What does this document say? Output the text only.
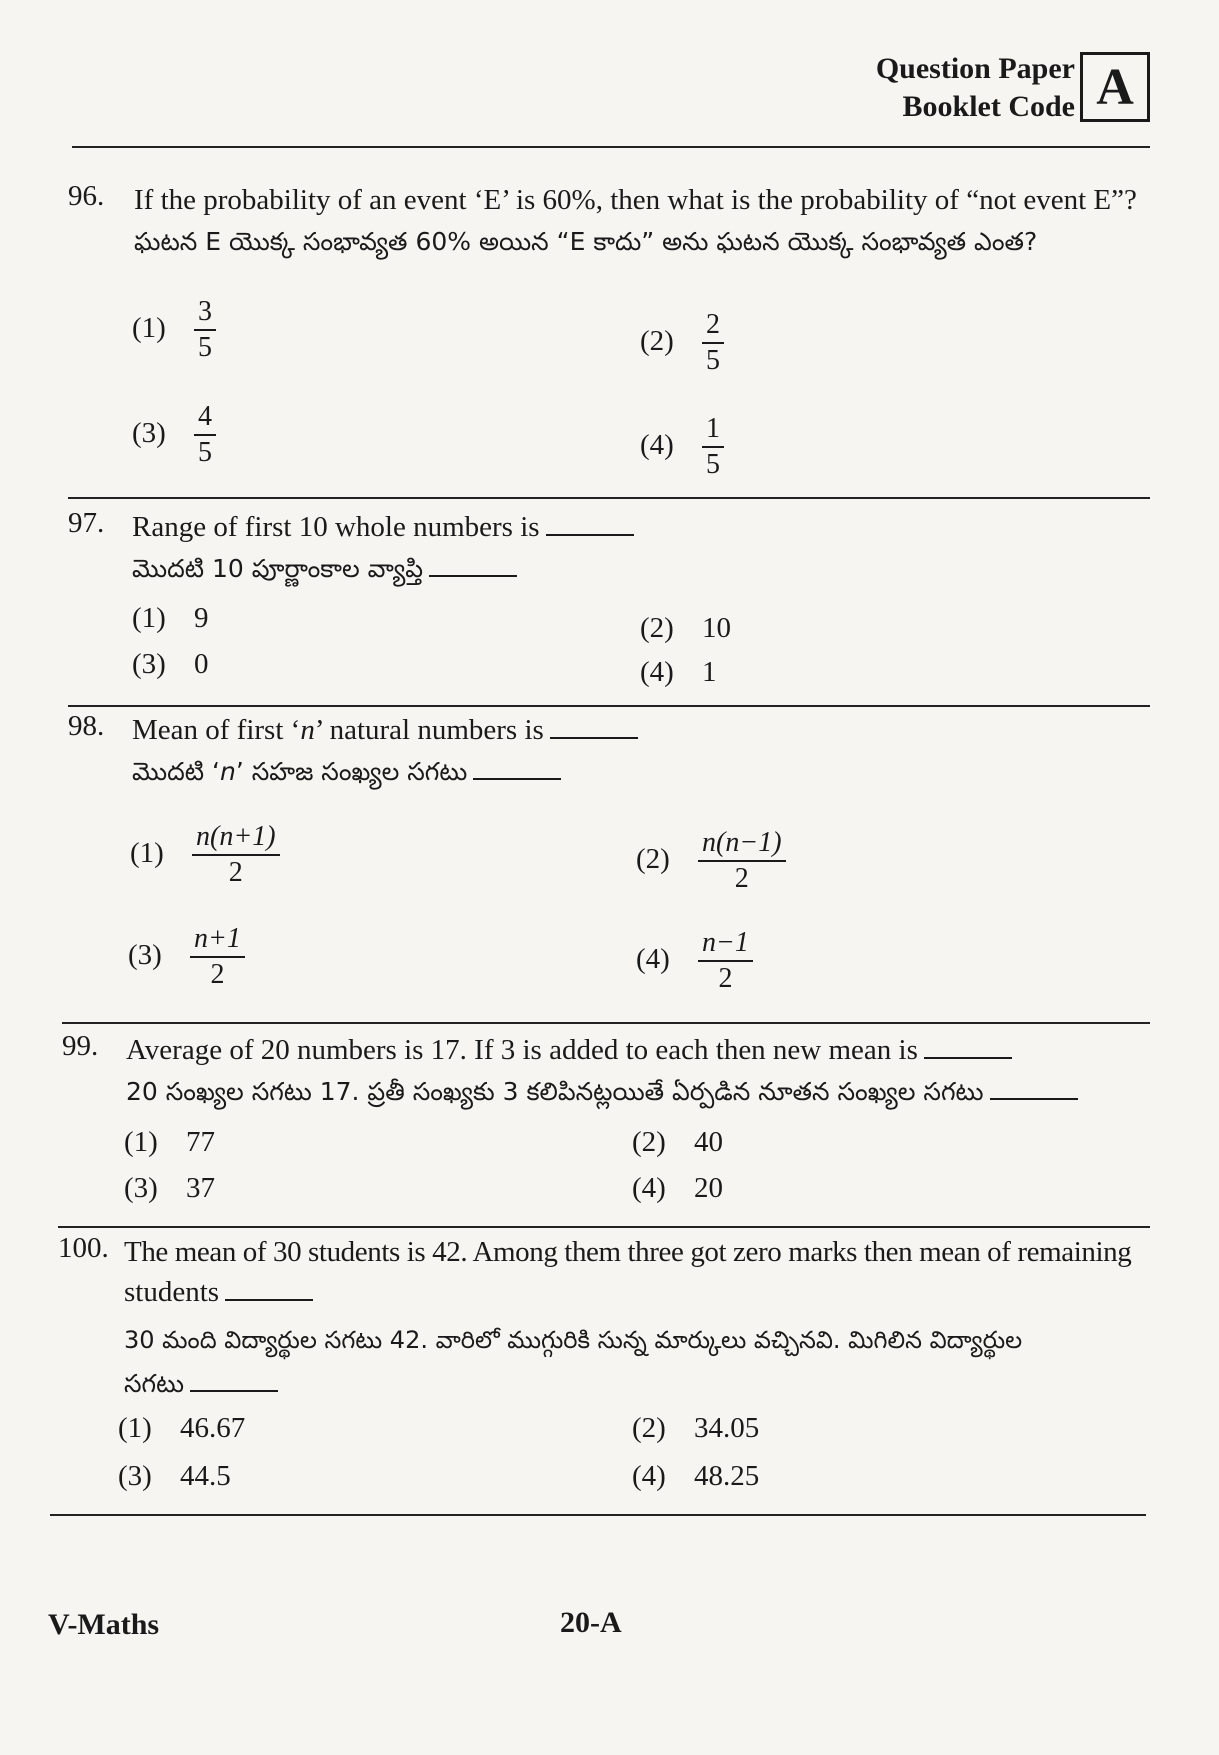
Question Paper
Booklet Code A
96. If the probability of an event ‘E’ is 60%, then what is the probability of “not event E”?
ఘటన E యొక్క సంభావ్యత 60% అయిన “E కాదు” అను ఘటన యొక్క సంభావ్యత ఎంత?
$(1) \frac{3}{5}$	$(2) \frac{2}{5}$
$(3) \frac{4}{5}$	$(4) \frac{1}{5}$
97. Range of first 10 whole numbers is
మొదటి 10 పూర్ణాంకాల వ్యాప్తి
(1) 9	(2) 10
(3) 0	(4) 1
98. Mean of first ‘n’ natural numbers is
మొదటి ‘n’ సహజ సంఖ్యల సగటు
$(1) \frac{n(n+1)}{2}$	$(2) \frac{n(n-1)}{2}$
$(3) \frac{n+1}{2}$	$(4) \frac{n-1}{2}$
99. Average of 20 numbers is 17. If 3 is added to each then new mean is
20 సంఖ్యల సగటు 17. ప్రతీ సంఖ్యకు 3 కలిపినట్లయితే ఏర్పడిన నూతన సంఖ్యల సగటు
(1) 77	(2) 40
(3) 37	(4) 20
100. The mean of 30 students is 42. Among them three got zero marks then mean of remaining
students
30 మంది విద్యార్థుల సగటు 42. వారిలో ముగ్గురికి సున్న మార్కులు వచ్చినవి. మిగిలిన విద్యార్థుల
సగటు
(1) 46.67	(2) 34.05
(3) 44.5	(4) 48.25
V-Maths	20-A
